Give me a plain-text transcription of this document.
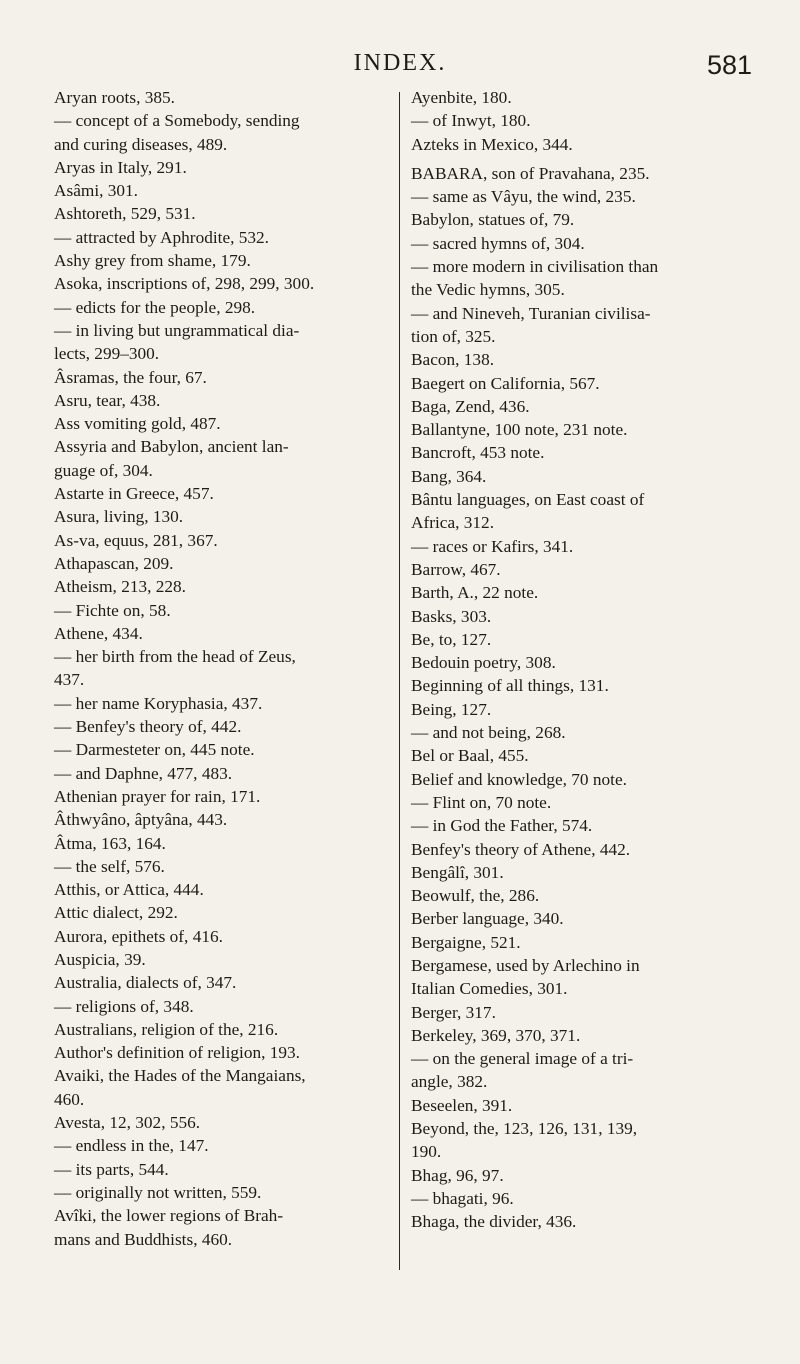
INDEX.	581
Aryan roots, 385.
— concept of a Somebody, sending
and curing diseases, 489.
Aryas in Italy, 291.
Asâmi, 301.
Ashtoreth, 529, 531.
— attracted by Aphrodite, 532.
Ashy grey from shame, 179.
Asoka, inscriptions of, 298, 299, 300.
— edicts for the people, 298.
— in living but ungrammatical dia-
lects, 299–300.
Âsramas, the four, 67.
Asru, tear, 438.
Ass vomiting gold, 487.
Assyria and Babylon, ancient lan-
guage of, 304.
Astarte in Greece, 457.
Asura, living, 130.
As-va, equus, 281, 367.
Athapascan, 209.
Atheism, 213, 228.
— Fichte on, 58.
Athene, 434.
— her birth from the head of Zeus,
437.
— her name Koryphasia, 437.
— Benfey's theory of, 442.
— Darmesteter on, 445 note.
— and Daphne, 477, 483.
Athenian prayer for rain, 171.
Âthwyâno, âptyâna, 443.
Âtma, 163, 164.
— the self, 576.
Atthis, or Attica, 444.
Attic dialect, 292.
Aurora, epithets of, 416.
Auspicia, 39.
Australia, dialects of, 347.
— religions of, 348.
Australians, religion of the, 216.
Author's definition of religion, 193.
Avaiki, the Hades of the Mangaians,
460.
Avesta, 12, 302, 556.
— endless in the, 147.
— its parts, 544.
— originally not written, 559.
Avîki, the lower regions of Brah-
mans and Buddhists, 460.
Ayenbite, 180.
— of Inwyt, 180.
Azteks in Mexico, 344.
BABARA, son of Pravahana, 235.
— same as Vâyu, the wind, 235.
Babylon, statues of, 79.
— sacred hymns of, 304.
— more modern in civilisation than
the Vedic hymns, 305.
— and Nineveh, Turanian civilisa-
tion of, 325.
Bacon, 138.
Baegert on California, 567.
Baga, Zend, 436.
Ballantyne, 100 note, 231 note.
Bancroft, 453 note.
Bang, 364.
Bântu languages, on East coast of
Africa, 312.
— races or Kafirs, 341.
Barrow, 467.
Barth, A., 22 note.
Basks, 303.
Be, to, 127.
Bedouin poetry, 308.
Beginning of all things, 131.
Being, 127.
— and not being, 268.
Bel or Baal, 455.
Belief and knowledge, 70 note.
— Flint on, 70 note.
— in God the Father, 574.
Benfey's theory of Athene, 442.
Bengâlî, 301.
Beowulf, the, 286.
Berber language, 340.
Bergaigne, 521.
Bergamese, used by Arlechino in
Italian Comedies, 301.
Berger, 317.
Berkeley, 369, 370, 371.
— on the general image of a tri-
angle, 382.
Beseelen, 391.
Beyond, the, 123, 126, 131, 139,
190.
Bhag, 96, 97.
— bhagati, 96.
Bhaga, the divider, 436.
